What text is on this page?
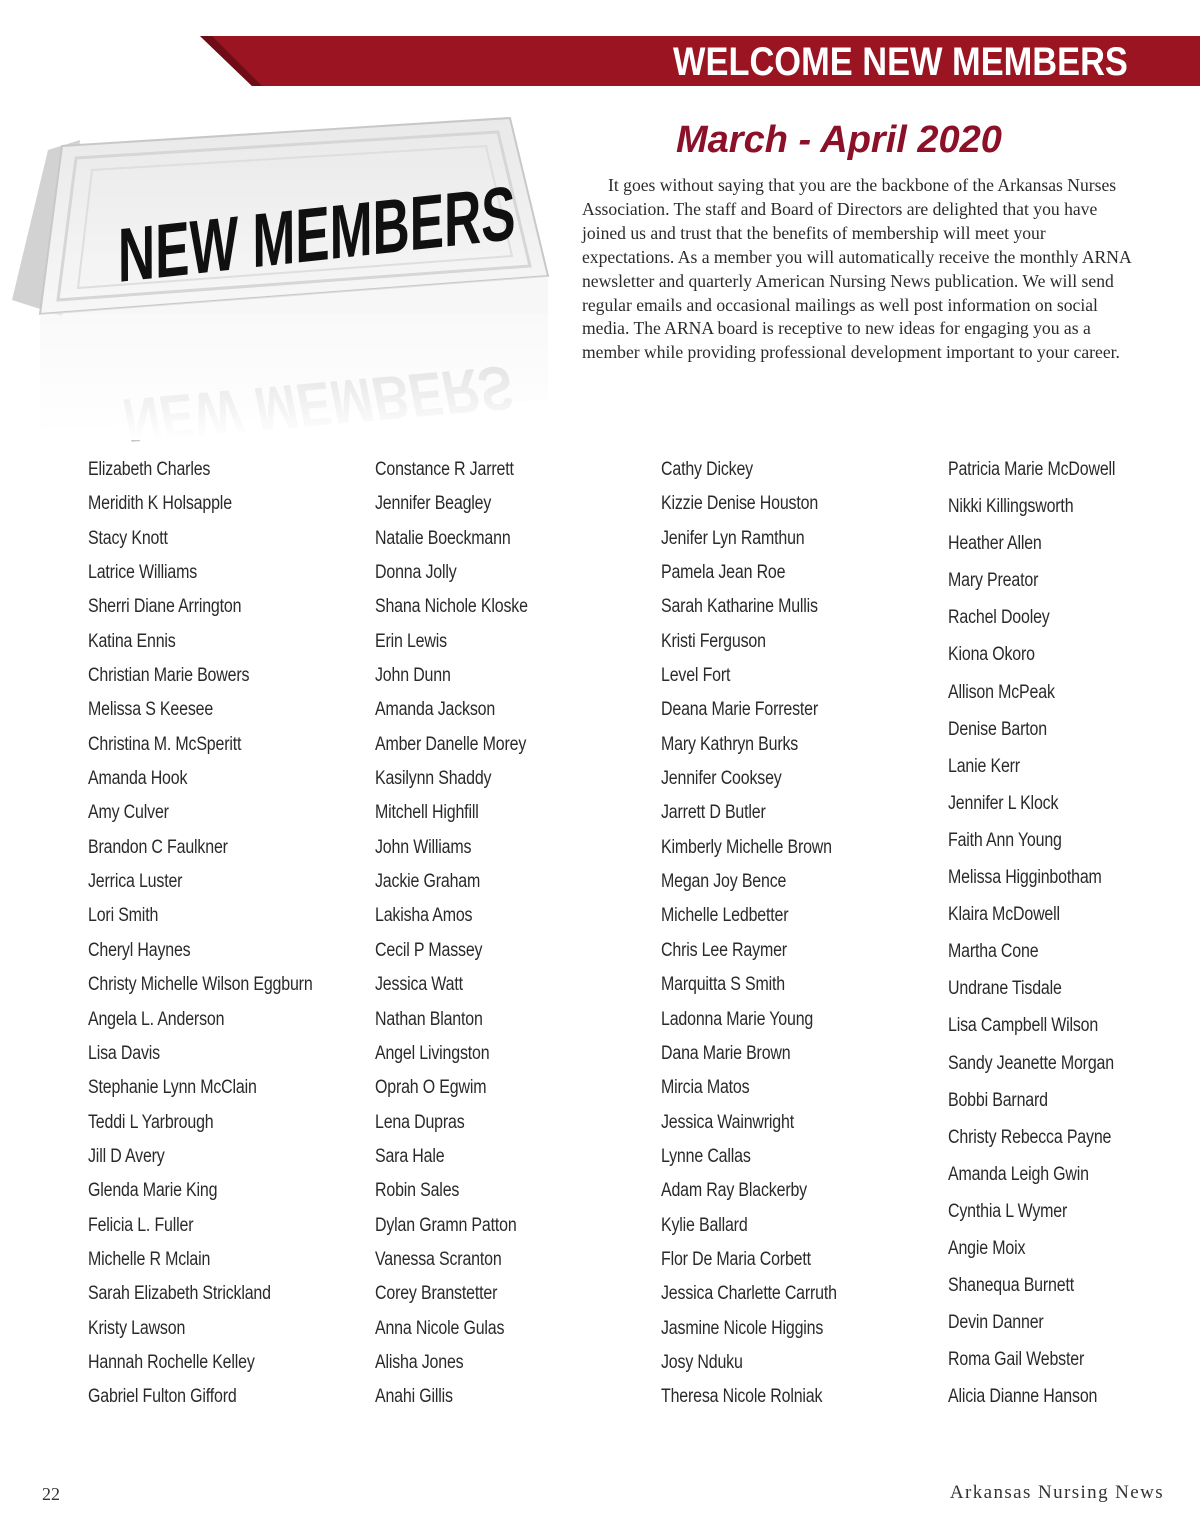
WELCOME NEW MEMBERS
NEW MEMBERS
March - April 2020

It goes without saying that you are the backbone of the Arkansas Nurses Association. The staff and Board of Directors are delighted that you have joined us and trust that the benefits of membership will meet your expectations. As a member you will automatically receive the monthly ARNA newsletter and quarterly American Nursing News publication. We will send regular emails and occasional mailings as well post information on social media. The ARNA board is receptive to new ideas for engaging you as a member while providing professional development important to your career.

Elizabeth Charles
Meridith K Holsapple
Stacy Knott
Latrice Williams
Sherri Diane Arrington
Katina Ennis
Christian Marie Bowers
Melissa S Keesee
Christina M. McSperitt
Amanda Hook
Amy Culver
Brandon C Faulkner
Jerrica Luster
Lori Smith
Cheryl Haynes
Christy Michelle Wilson Eggburn
Angela L. Anderson
Lisa Davis
Stephanie Lynn McClain
Teddi L Yarbrough
Jill D Avery
Glenda Marie King
Felicia L. Fuller
Michelle R Mclain
Sarah Elizabeth Strickland
Kristy Lawson
Hannah Rochelle Kelley
Gabriel Fulton Gifford
Constance R Jarrett
Jennifer Beagley
Natalie Boeckmann
Donna Jolly
Shana Nichole Kloske
Erin Lewis
John Dunn
Amanda Jackson
Amber Danelle Morey
Kasilynn Shaddy
Mitchell Highfill
John Williams
Jackie Graham
Lakisha Amos
Cecil P Massey
Jessica Watt
Nathan Blanton
Angel Livingston
Oprah O Egwim
Lena Dupras
Sara Hale
Robin Sales
Dylan Gramn Patton
Vanessa Scranton
Corey Branstetter
Anna Nicole Gulas
Alisha Jones
Anahi Gillis
Cathy Dickey
Kizzie Denise Houston
Jenifer Lyn Ramthun
Pamela Jean Roe
Sarah Katharine Mullis
Kristi Ferguson
Level Fort
Deana Marie Forrester
Mary Kathryn Burks
Jennifer Cooksey
Jarrett D Butler
Kimberly Michelle Brown
Megan Joy Bence
Michelle Ledbetter
Chris Lee Raymer
Marquitta S Smith
Ladonna Marie Young
Dana Marie Brown
Mircia Matos
Jessica Wainwright
Lynne Callas
Adam Ray Blackerby
Kylie Ballard
Flor De Maria Corbett
Jessica Charlette Carruth
Jasmine Nicole Higgins
Josy Nduku
Theresa Nicole Rolniak
Patricia Marie McDowell
Nikki Killingsworth
Heather Allen
Mary Preator
Rachel Dooley
Kiona Okoro
Allison McPeak
Denise Barton
Lanie Kerr
Jennifer L Klock
Faith Ann Young
Melissa Higginbotham
Klaira McDowell
Martha Cone
Undrane Tisdale
Lisa Campbell Wilson
Sandy Jeanette Morgan
Bobbi Barnard
Christy Rebecca Payne
Amanda Leigh Gwin
Cynthia L Wymer
Angie Moix
Shanequa Burnett
Devin Danner
Roma Gail Webster
Alicia Dianne Hanson
22	Arkansas Nursing News
